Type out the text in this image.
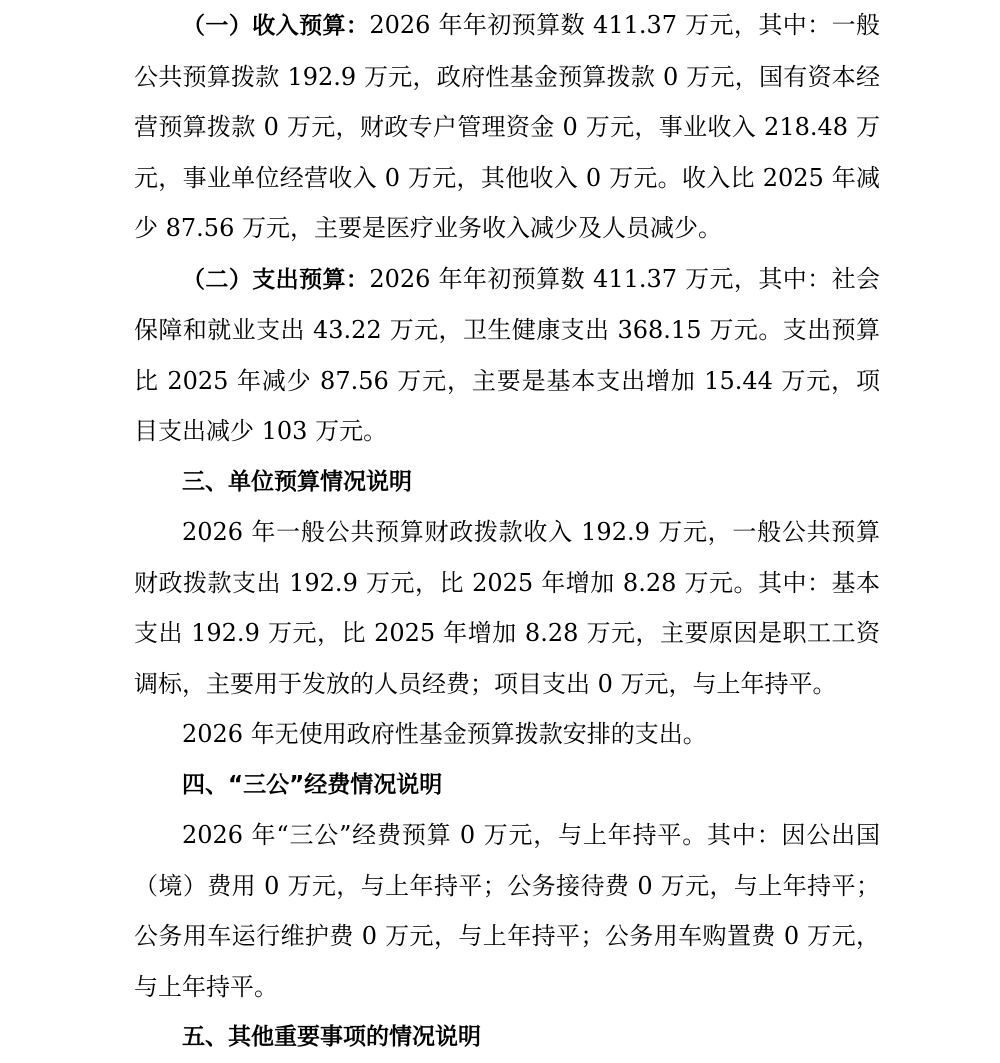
（一）收入预算：2026 年年初预算数 411.37 万元，其中：一般公共预算拨款 192.9 万元，政府性基金预算拨款 0 万元，国有资本经营预算拨款 0 万元，财政专户管理资金 0 万元，事业收入 218.48 万元，事业单位经营收入 0 万元，其他收入 0 万元。收入比 2025 年减少 87.56 万元，主要是医疗业务收入减少及人员减少。

（二）支出预算：2026 年年初预算数 411.37 万元，其中：社会保障和就业支出 43.22 万元，卫生健康支出 368.15 万元。支出预算比 2025 年减少 87.56 万元，主要是基本支出增加 15.44 万元，项目支出减少 103 万元。

三、单位预算情况说明

2026 年一般公共预算财政拨款收入 192.9 万元，一般公共预算财政拨款支出 192.9 万元，比 2025 年增加 8.28 万元。其中：基本支出 192.9 万元，比 2025 年增加 8.28 万元，主要原因是职工工资调标，主要用于发放的人员经费；项目支出 0 万元，与上年持平。

2026 年无使用政府性基金预算拨款安排的支出。

四、“三公”经费情况说明

2026 年“三公”经费预算 0 万元，与上年持平。其中：因公出国（境）费用 0 万元，与上年持平；公务接待费 0 万元，与上年持平；公务用车运行维护费 0 万元，与上年持平；公务用车购置费 0 万元，与上年持平。

五、其他重要事项的情况说明
